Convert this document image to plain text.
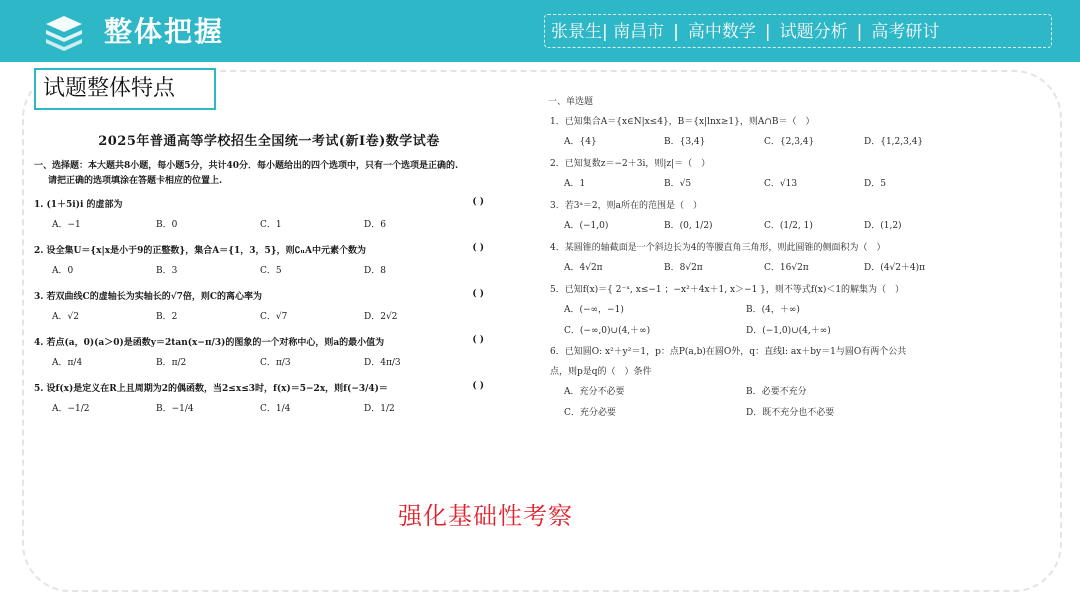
整体把握	张景生| 南昌市 | 高中数学 | 试题分析 | 高考研讨
试题整体特点
2025年普通高等学校招生全国统一考试(新Ⅰ卷)数学试卷
一、选择题：本大题共8小题，每小题5分，共计40分．每小题给出的四个选项中，只有一个选项是正确的.
请把正确的选项填涂在答题卡相应的位置上.
1. (1＋5i)i 的虚部为	( )
A．−1	B．0	C．1	D．6
2. 设全集U＝{x|x是小于9的正整数}，集合A＝{1，3，5}，则∁ᵤA中元素个数为	( )
A．0	B．3	C．5	D．8
3. 若双曲线C的虚轴长为实轴长的√7倍，则C的离心率为	( )
A．√2	B．2	C．√7	D．2√2
4. 若点(a，0)(a＞0)是函数y＝2tan(x−π/3)的图象的一个对称中心，则a的最小值为	( )
A．π/4	B．π/2	C．π/3	D．4π/3
5. 设f(x)是定义在R上且周期为2的偶函数，当2≤x≤3时，f(x)＝5−2x，则f(−3/4)＝	( )
A．−1/2	B．−1/4	C．1/4	D．1/2
一、单选题
1．已知集合A＝{x∈N|x≤4}，B＝{x|lnx≥1}，则A∩B＝（　）
A．{4}	B．{3,4}	C．{2,3,4}	D．{1,2,3,4}
2．已知复数z＝−2＋3i，则|z|＝（　）
A．1	B．√5	C．√13	D．5
3．若3ᵃ＝2，则a所在的范围是（　）
A．(−1,0)	B．(0, 1/2)	C．(1/2, 1)	D．(1,2)
4．某圆锥的轴截面是一个斜边长为4的等腰直角三角形，则此圆锥的侧面积为（　）
A．4√2π	B．8√2π	C．16√2π	D．(4√2＋4)π
5．已知f(x)＝{ 2⁻ˣ, x≤−1 ；−x²＋4x＋1, x＞−1 }，则不等式f(x)＜1的解集为（　）
A．(−∞，−1)	B．(4，＋∞)
C．(−∞,0)∪(4,＋∞)	D．(−1,0)∪(4,＋∞)
6．已知圆O: x²＋y²＝1，p：点P(a,b)在圆O外，q：直线l: ax＋by＝1与圆O有两个公共
点，则p是q的（　）条件
A．充分不必要	B．必要不充分
C．充分必要	D．既不充分也不必要
强化基础性考察
